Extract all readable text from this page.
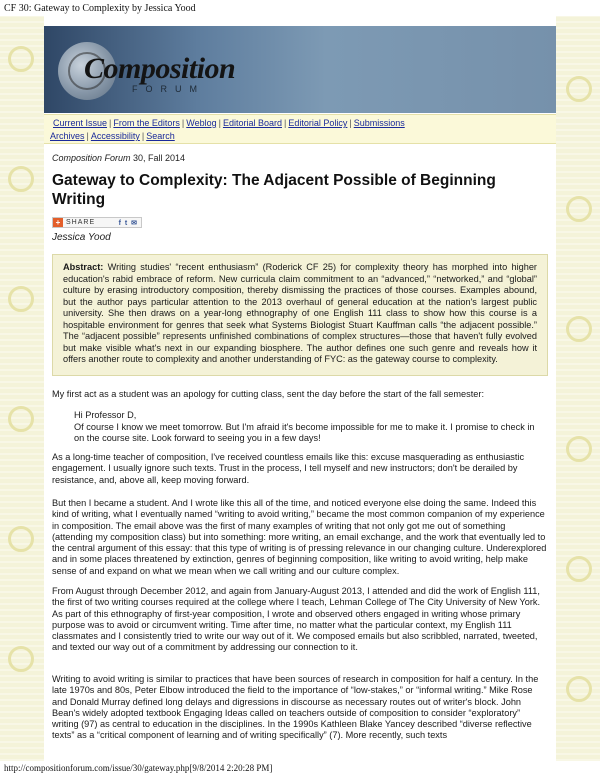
CF 30: Gateway to Complexity by Jessica Yood
Composition
FORUM
Current Issue | From the Editors | Weblog | Editorial Board | Editorial Policy | Submissions
Archives | Accessibility | Search
Composition Forum 30, Fall 2014
Gateway to Complexity: The Adjacent Possible of Beginning Writing
+ SHARE	f t ✉
Jessica Yood
Abstract: Writing studies' “recent enthusiasm” (Roderick CF 25) for complexity theory has morphed into higher education's rabid embrace of reform. New curricula claim commitment to an “advanced,” “networked,” and “global” culture by erasing introductory composition, thereby dismissing the practices of those courses. Examples abound, but the author pays particular attention to the 2013 overhaul of general education at the nation's largest public university. She then draws on a year-long ethnography of one English 111 class to show how this course is a hospitable environment for genres that seek what Systems Biologist Stuart Kauffman calls “the adjacent possible.” The “adjacent possible” represents unfinished combinations of complex structures—those that haven't fully evolved but make visible what's next in our expanding biosphere. The author defines one such genre and reveals how it offers another route to complexity and another understanding of FYC: as the gateway course to complexity.

My first act as a student was an apology for cutting class, sent the day before the start of the fall semester:

Hi Professor D,

Of course I know we meet tomorrow. But I'm afraid it's become impossible for me to make it. I promise to check in on the course site. Look forward to seeing you in a few days!

As a long-time teacher of composition, I've received countless emails like this: excuse masquerading as enthusiastic engagement. I usually ignore such texts. Trust in the process, I tell myself and new instructors; don't be derailed by resistance, and, above all, keep moving forward.

But then I became a student. And I wrote like this all of the time, and noticed everyone else doing the same. Indeed this kind of writing, what I eventually named “writing to avoid writing,” became the most common companion of my experience in composition. The email above was the first of many examples of writing that not only got me out of something (attending my composition class) but into something: more writing, an email exchange, and the work that eventually led to the central argument of this essay: that this type of writing is of pressing relevance in our changing culture. Underexplored and in some places threatened by extinction, genres of beginning composition, like writing to avoid writing, help make sense of and expand on what we mean when we call writing and our culture complex.

From August through December 2012, and again from January-August 2013, I attended and did the work of English 111, the first of two writing courses required at the college where I teach, Lehman College of The City University of New York. As part of this ethnography of first-year composition, I wrote and observed others engaged in writing whose primary purpose was to avoid or circumvent writing. Time after time, no matter what the particular context, my English 111 classmates and I consistently tried to write our way out of it. We composed emails but also scribbled, narrated, tweeted, and texted our way out of a commitment by addressing our connection to it.

Writing to avoid writing is similar to practices that have been sources of research in composition for half a century. In the late 1970s and 80s, Peter Elbow introduced the field to the importance of “low-stakes,” or “informal writing.” Mike Rose and Donald Murray defined long delays and digressions in discourse as necessary routes out of writer's block. John Bean's widely adopted textbook Engaging Ideas called on teachers outside of composition to consider “exploratory” writing (97) as central to education in the disciplines. In the 1990s Kathleen Blake Yancey described “diverse reflective texts” as a “critical component of learning and of writing specifically” (7). More recently, such texts

http://compositionforum.com/issue/30/gateway.php[9/8/2014 2:20:28 PM]
